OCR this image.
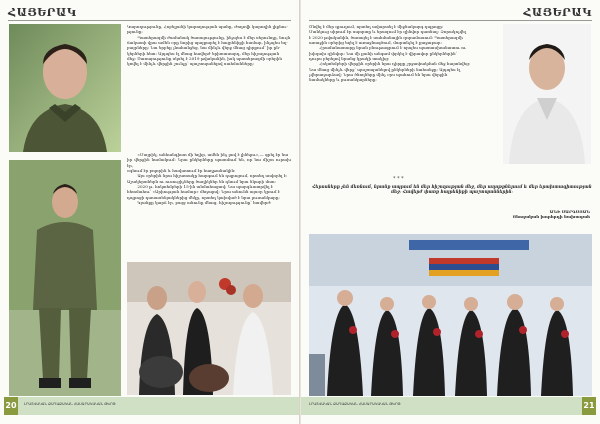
ՀԱՅԵՐԱԿ

Կարողությունը, Հոբելյանի կարողության պահը, Ժողովի կարողին լիքնու-
թյունը։
	Պատերազմի ժամանակ ծառայությունը, ինչպես է մեր սերունդը, նույն
ճակատի վրա ամեն օրը նորից պայքարել է հայրենիքի համար, ինչպես եղ-
բայրները։ Նա երբեք չնահանջեց, նա մինչև վերջ մնաց դիրքում՝ իր ըն-
կերների հետ։ Այդպես էլ մնաց հավերժ երիտասարդ, մեր հիշողության
մեջ։ Ծառայությունը սկսել է 2019 թվականին, իսկ պատերազմի օրերին
կռվել է մինչև վերջին շունչը՝ պաշտպանելով սահմանները։

	«Մայրիկ, անհանգիստ մի եղիր, ամեն ինչ լավ է լինելու»,— գրել էր նա
իր վերջին նամակում։ Նրա ընկերները պատմում են, որ նա միշտ ուրախ էր,
օգնում էր բոլորին և հավատում էր հաղթանակին։
	Այս օրերին նրա հիշատակը հարգում են դպրոցում, որտեղ սովորել է։
Աշակերտներն ու ուսուցիչները ծաղիկներ են դնում նրա նկարի մոտ։
	2020 թ. հոկտեմբերի 15-ին անմահացավ։ Նա պարգևատրվել է
հետմահու՝ «Արիության համար» մեդալով։ Նրա անունն այսօր կրում է
դպրոցի դասասենյակներից մեկը, որտեղ կախված է նրա լուսանկարը։
	Կյանքը կարճ էր, բայց անունը մնաց, հիշողությունը՝ հավերժ։

20	ԼՐԱՏՎԱԿԱՆ ՔԱՂԱՔԱԿԱՆ ՀԱՍԱՐԱԿԱԿԱՆ ԹԵՐԹ
ՀԱՅԵՐԱԿ

Ծնվել է մեր գյուղում, որտեղ ավարտել է միջնակարգ դպրոցը։
Մանկուց սիրում էր սպորտը և երազում էր զինվոր դառնալ։ Զորակոչվել
է 2020 թվականին, ծառայել է սահմանային զորամասում։ Պատերազմի
առաջին օրերից եղել է առաջնագծում, մարտնչել է քաջաբար։
	Հրամանատարը նրան բնութագրում է որպես պատասխանատու ու
խիզախ զինվոր։ Նա մի քանի անգամ փրկել է վիրավոր ընկերներին՝
դուրս բերելով նրանց կրակի տակից։
	Հոկտեմբերի վերջին օրերին նրա դիրքը շրջափակման մեջ հայտնվեց։
Նա մնաց մինչև վերջ՝ պաշտպանելով ընկերների նահանջը։ Այդպես էլ
չվերադարձավ։ Նրա ծնողները մինչ օրս պահում են նրա վերջին
նամակները և լուսանկարները։

* * *

Հերոսները չեն մեռնում, նրանք ապրում են մեր հիշողության մեջ, մեր աղոթքներում և մեր երախտագիտության մեջ։ Հավերժ փառք հայրենիքի պաշտպաններին։

ԱՆԻ ՍԱՐԳՍՅԱՆ
Ծնողական խորհրդի նախագահ

ԼՐԱՏՎԱԿԱՆ ՔԱՂԱՔԱԿԱՆ ՀԱՍԱՐԱԿԱԿԱՆ ԹԵՐԹ	21
